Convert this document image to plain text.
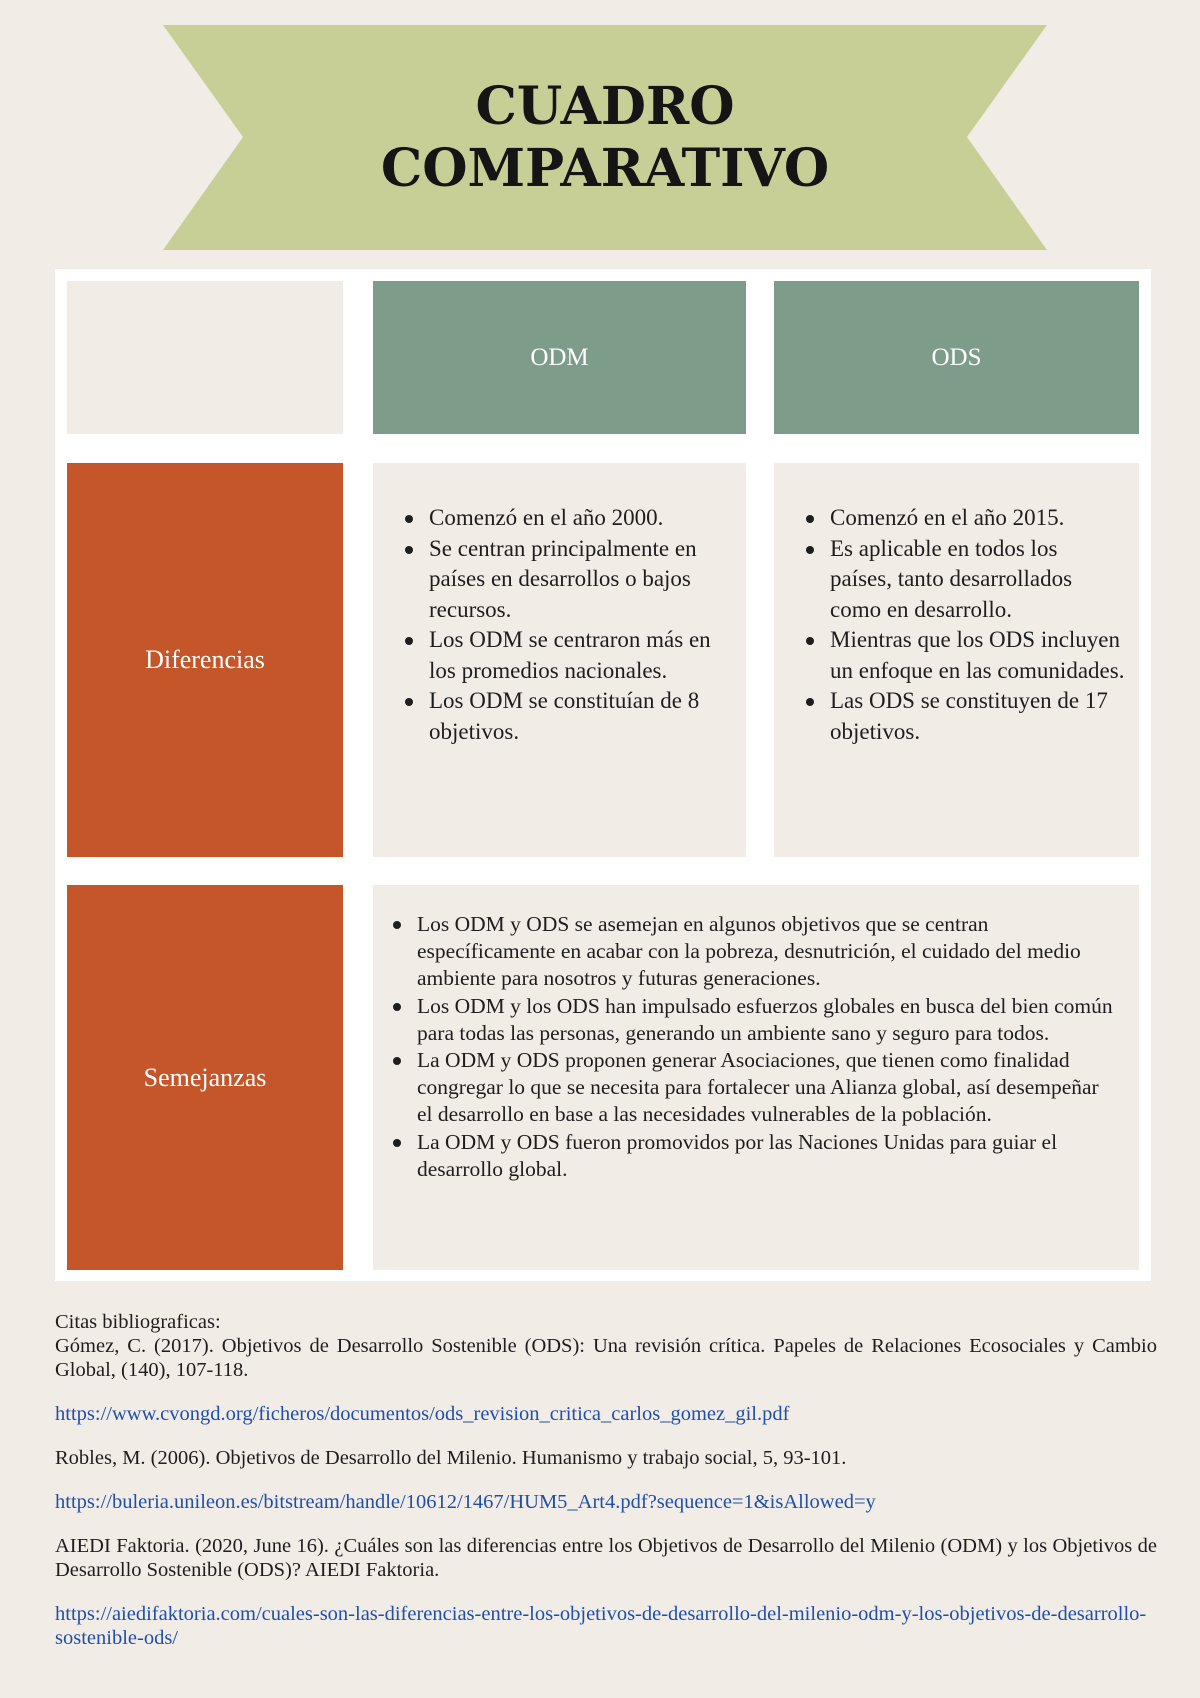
CUADRO
COMPARATIVO
ODM	ODS
Diferencias
Comenzó en el año 2000.
Se centran principalmente en países en desarrollos o bajos recursos.
Los ODM se centraron más en los promedios nacionales.
Los ODM se constituían de 8 objetivos.
Comenzó en el año 2015.
Es aplicable en todos los países, tanto desarrollados como en desarrollo.
Mientras que los ODS incluyen un enfoque en las comunidades.
Las ODS se constituyen de 17 objetivos.
Semejanzas
Los ODM y ODS se asemejan en algunos objetivos que se centran específicamente en acabar con la pobreza, desnutrición, el cuidado del medio ambiente para nosotros y futuras generaciones.
Los ODM y los ODS han impulsado esfuerzos globales en busca del bien común para todas las personas, generando un ambiente sano y seguro para todos.
La ODM y ODS proponen generar Asociaciones, que tienen como finalidad congregar lo que se necesita para fortalecer una Alianza global, así desempeñar el desarrollo en base a las necesidades vulnerables de la población.
La ODM y ODS fueron promovidos por las Naciones Unidas para guiar el desarrollo global.

Citas bibliograficas:

Gómez, C. (2017). Objetivos de Desarrollo Sostenible (ODS): Una revisión crítica. Papeles de Relaciones Ecosociales y Cambio Global, (140), 107-118.

https://www.cvongd.org/ficheros/documentos/ods_revision_critica_carlos_gomez_gil.pdf

Robles, M. (2006). Objetivos de Desarrollo del Milenio. Humanismo y trabajo social, 5, 93-101.

https://buleria.unileon.es/bitstream/handle/10612/1467/HUM5_Art4.pdf?sequence=1&isAllowed=y

AIEDI Faktoria. (2020, June 16). ¿Cuáles son las diferencias entre los Objetivos de Desarrollo del Milenio (ODM) y los Objetivos de Desarrollo Sostenible (ODS)? AIEDI Faktoria.

https://aiedifaktoria.com/cuales-son-las-diferencias-entre-los-objetivos-de-desarrollo-del-milenio-odm-y-los-objetivos-de-desarrollo-sostenible-ods/
